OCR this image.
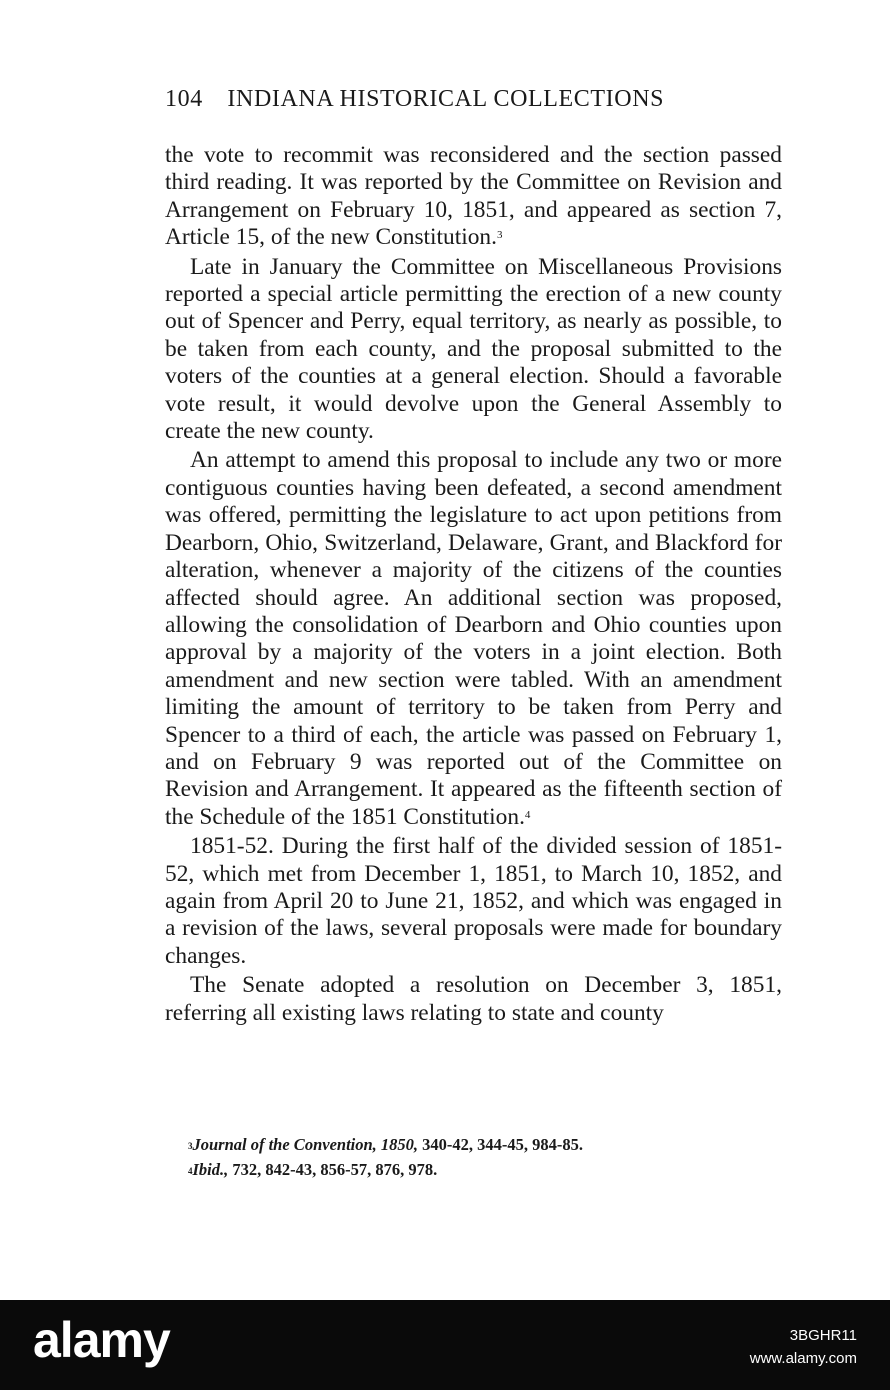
104 INDIANA HISTORICAL COLLECTIONS

the vote to recommit was reconsidered and the section passed third reading. It was reported by the Committee on Revision and Arrangement on February 10, 1851, and appeared as section 7, Article 15, of the new Constitution.$^3$

Late in January the Committee on Miscellaneous Provisions reported a special article permitting the erection of a new county out of Spencer and Perry, equal territory, as nearly as possible, to be taken from each county, and the proposal submitted to the voters of the counties at a general election. Should a favorable vote result, it would devolve upon the General Assembly to create the new county.

An attempt to amend this proposal to include any two or more contiguous counties having been defeated, a second amendment was offered, permitting the legislature to act upon petitions from Dearborn, Ohio, Switzerland, Delaware, Grant, and Blackford for alteration, whenever a majority of the citizens of the counties affected should agree. An additional section was proposed, allowing the consolidation of Dearborn and Ohio counties upon approval by a majority of the voters in a joint election. Both amendment and new section were tabled. With an amendment limiting the amount of territory to be taken from Perry and Spencer to a third of each, the article was passed on February 1, and on February 9 was reported out of the Committee on Revision and Arrangement. It appeared as the fifteenth section of the Schedule of the 1851 Constitution.$^4$

1851-52. During the first half of the divided session of 1851-52, which met from December 1, 1851, to March 10, 1852, and again from April 20 to June 21, 1852, and which was engaged in a revision of the laws, several proposals were made for boundary changes.

The Senate adopted a resolution on December 3, 1851, referring all existing laws relating to state and county

$^3$Journal of the Convention, 1850, 340-42, 344-45, 984-85.
$^4$Ibid., 732, 842-43, 856-57, 876, 978.
alamy	3BGHR11
www.alamy.com
